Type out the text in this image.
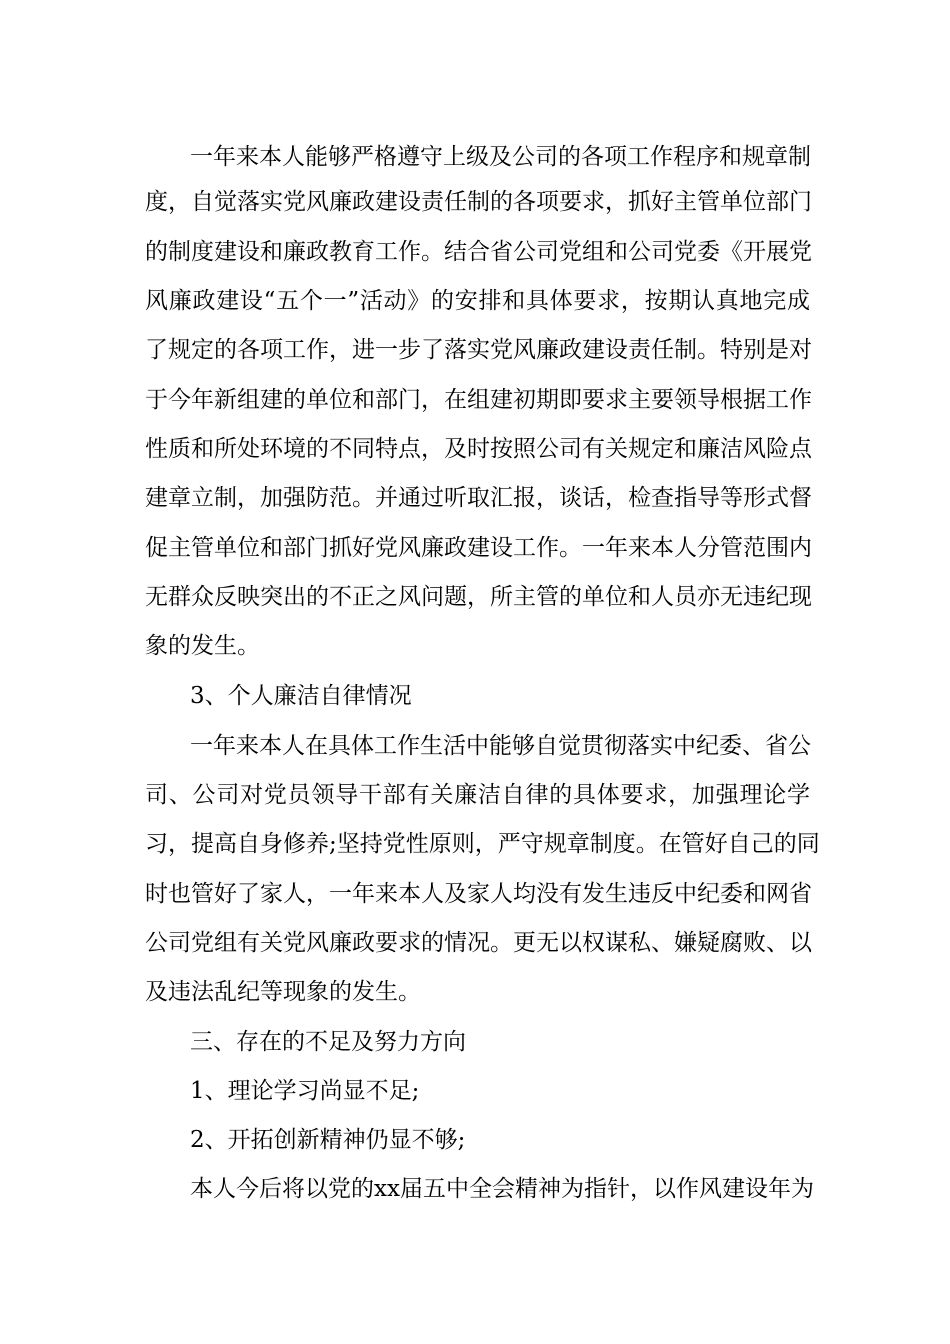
一年来本人能够严格遵守上级及公司的各项工作程序和规章制
度，自觉落实党风廉政建设责任制的各项要求，抓好主管单位部门
的制度建设和廉政教育工作。结合省公司党组和公司党委《开展党
风廉政建设“五个一”活动》的安排和具体要求，按期认真地完成
了规定的各项工作，进一步了落实党风廉政建设责任制。特别是对
于今年新组建的单位和部门，在组建初期即要求主要领导根据工作
性质和所处环境的不同特点，及时按照公司有关规定和廉洁风险点
建章立制，加强防范。并通过听取汇报，谈话，检查指导等形式督
促主管单位和部门抓好党风廉政建设工作。一年来本人分管范围内
无群众反映突出的不正之风问题，所主管的单位和人员亦无违纪现
象的发生。
3、个人廉洁自律情况
一年来本人在具体工作生活中能够自觉贯彻落实中纪委、省公
司、公司对党员领导干部有关廉洁自律的具体要求，加强理论学
习，提高自身修养;坚持党性原则，严守规章制度。在管好自己的同
时也管好了家人，一年来本人及家人均没有发生违反中纪委和网省
公司党组有关党风廉政要求的情况。更无以权谋私、嫌疑腐败、以
及违法乱纪等现象的发生。
三、存在的不足及努力方向
1、理论学习尚显不足;
2、开拓创新精神仍显不够;
本人今后将以党的xx届五中全会精神为指针，以作风建设年为
